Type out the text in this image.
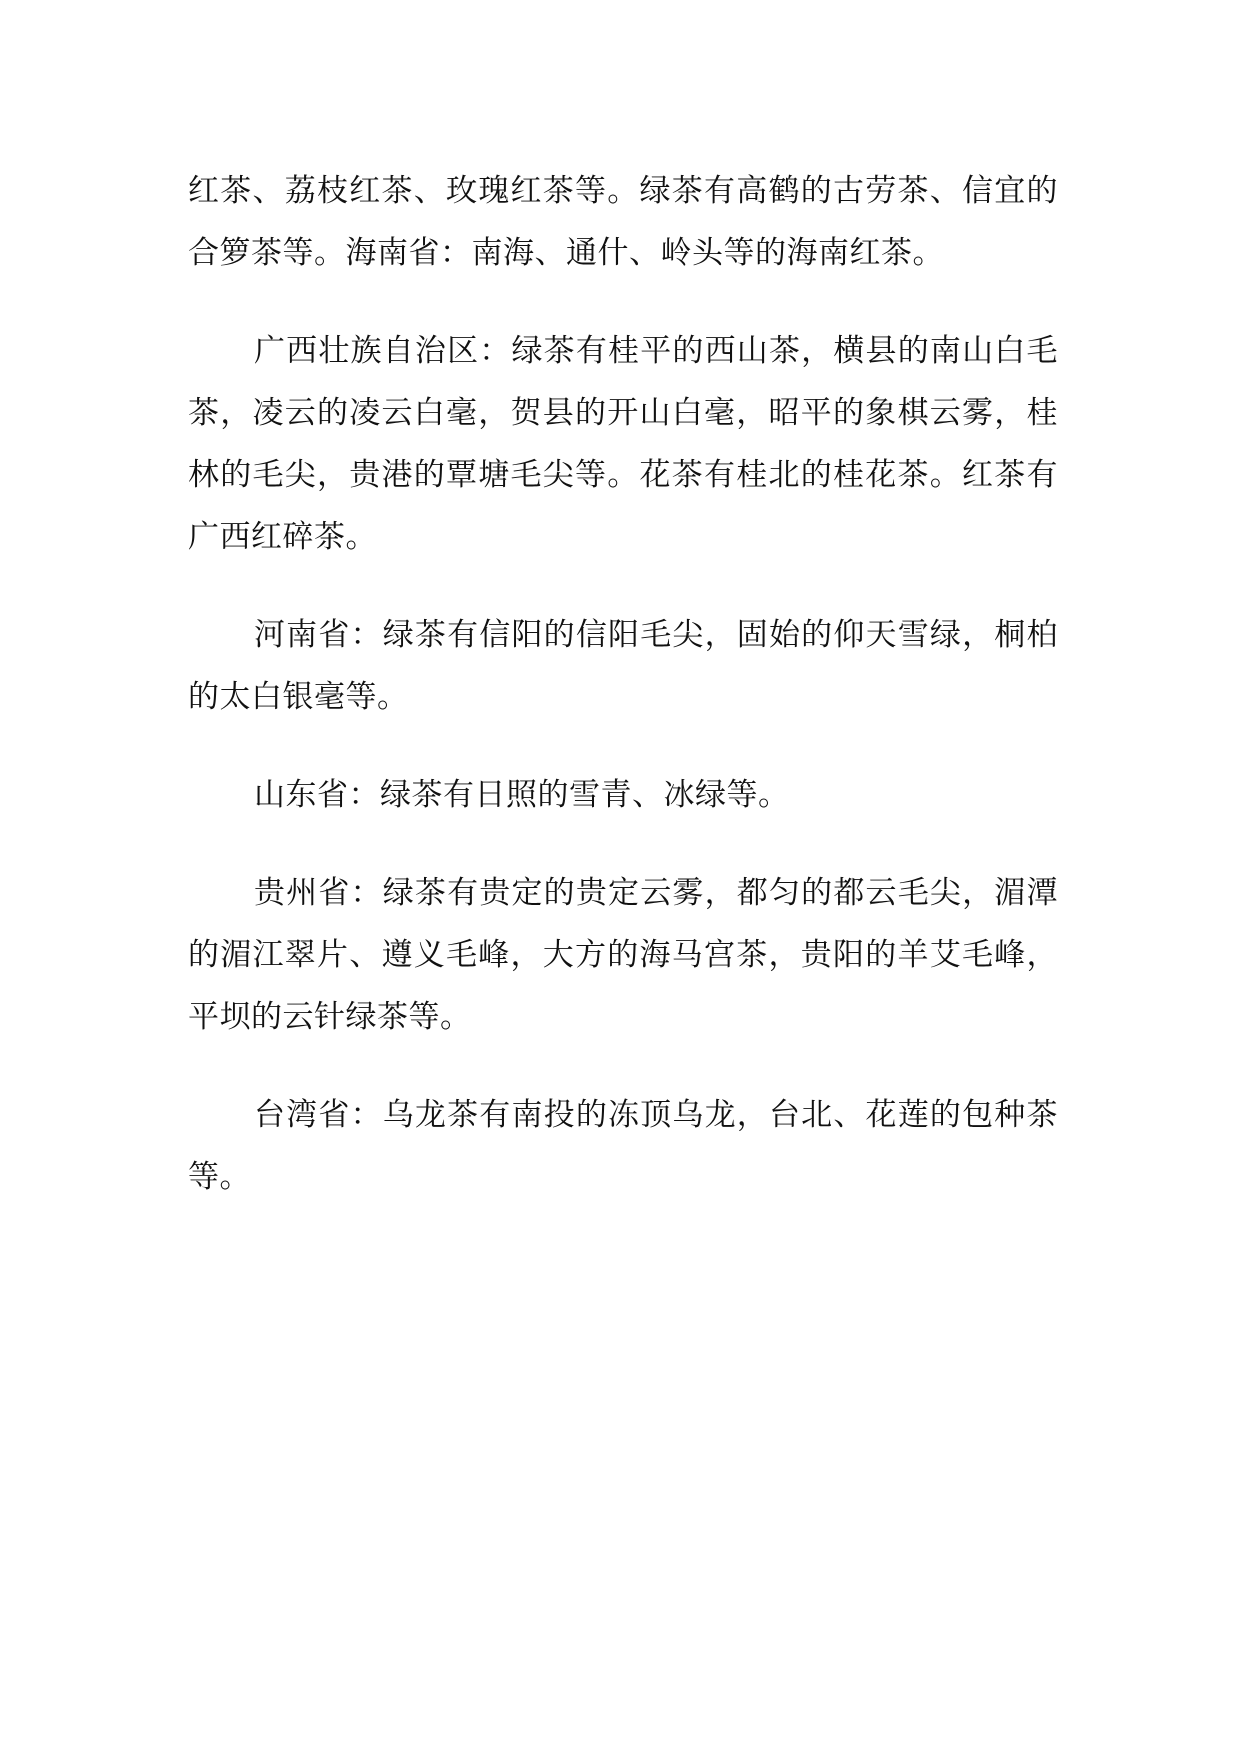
红茶、荔枝红茶、玫瑰红茶等。绿茶有高鹤的古劳茶、信宜的合箩茶等。海南省：南海、通什、岭头等的海南红茶。

广西壮族自治区：绿茶有桂平的西山茶，横县的南山白毛茶，凌云的凌云白毫，贺县的开山白毫，昭平的象棋云雾，桂林的毛尖，贵港的覃塘毛尖等。花茶有桂北的桂花茶。红茶有广西红碎茶。

河南省：绿茶有信阳的信阳毛尖，固始的仰天雪绿，桐柏的太白银毫等。

山东省：绿茶有日照的雪青、冰绿等。

贵州省：绿茶有贵定的贵定云雾，都匀的都云毛尖，湄潭的湄江翠片、遵义毛峰，大方的海马宫茶，贵阳的羊艾毛峰，平坝的云针绿茶等。

台湾省：乌龙茶有南投的冻顶乌龙，台北、花莲的包种茶等。
